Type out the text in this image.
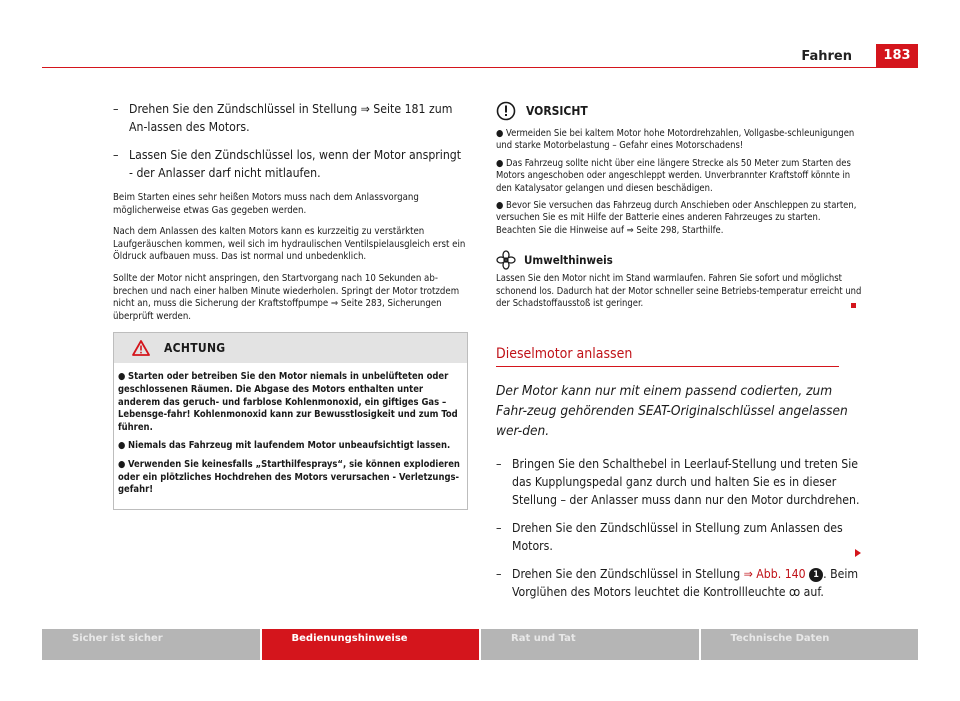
Fahren	183
– Drehen Sie den Zündschlüssel in Stellung ⇒ Seite 181 zum An-lassen des Motors.
– Lassen Sie den Zündschlüssel los, wenn der Motor anspringt - der Anlasser darf nicht mitlaufen.

Beim Starten eines sehr heißen Motors muss nach dem Anlassvorgang möglicherweise etwas Gas gegeben werden.

Nach dem Anlassen des kalten Motors kann es kurzzeitig zu verstärkten Laufgeräuschen kommen, weil sich im hydraulischen Ventilspielausgleich erst ein Öldruck aufbauen muss. Das ist normal und unbedenklich.

Sollte der Motor nicht anspringen, den Startvorgang nach 10 Sekunden ab-brechen und nach einer halben Minute wiederholen. Springt der Motor trotzdem nicht an, muss die Sicherung der Kraftstoffpumpe ⇒ Seite 283, Sicherungen überprüft werden.

ACHTUNG

● Starten oder betreiben Sie den Motor niemals in unbelüfteten oder geschlossenen Räumen. Die Abgase des Motors enthalten unter anderem das geruch- und farblose Kohlenmonoxid, ein giftiges Gas – Lebensge-fahr! Kohlenmonoxid kann zur Bewusstlosigkeit und zum Tod führen.

● Niemals das Fahrzeug mit laufendem Motor unbeaufsichtigt lassen.

● Verwenden Sie keinesfalls „Starthilfesprays“, sie können explodieren oder ein plötzliches Hochdrehen des Motors verursachen - Verletzungs-gefahr!

VORSICHT

● Vermeiden Sie bei kaltem Motor hohe Motordrehzahlen, Vollgasbe-schleunigungen und starke Motorbelastung – Gefahr eines Motorschadens!

● Das Fahrzeug sollte nicht über eine längere Strecke als 50 Meter zum Starten des Motors angeschoben oder angeschleppt werden. Unverbrannter Kraftstoff könnte in den Katalysator gelangen und diesen beschädigen.

● Bevor Sie versuchen das Fahrzeug durch Anschieben oder Anschleppen zu starten, versuchen Sie es mit Hilfe der Batterie eines anderen Fahrzeuges zu starten. Beachten Sie die Hinweise auf ⇒ Seite 298, Starthilfe.

Umwelthinweis

Lassen Sie den Motor nicht im Stand warmlaufen. Fahren Sie sofort und möglichst schonend los. Dadurch hat der Motor schneller seine Betriebs-temperatur erreicht und der Schadstoffausstoß ist geringer.

Dieselmotor anlassen

Der Motor kann nur mit einem passend codierten, zum Fahr-zeug gehörenden SEAT-Originalschlüssel angelassen wer-den.

– Bringen Sie den Schalthebel in Leerlauf-Stellung und treten Sie das Kupplungspedal ganz durch und halten Sie es in dieser Stellung – der Anlasser muss dann nur den Motor durchdrehen.
– Drehen Sie den Zündschlüssel in Stellung zum Anlassen des Motors.
– Drehen Sie den Zündschlüssel in Stellung ⇒ Abb. 140 1 . Beim Vorglühen des Motors leuchtet die Kontrollleuchte ꝏ auf.
Sicher ist sicher	Bedienungshinweise	Rat und Tat	Technische Daten
